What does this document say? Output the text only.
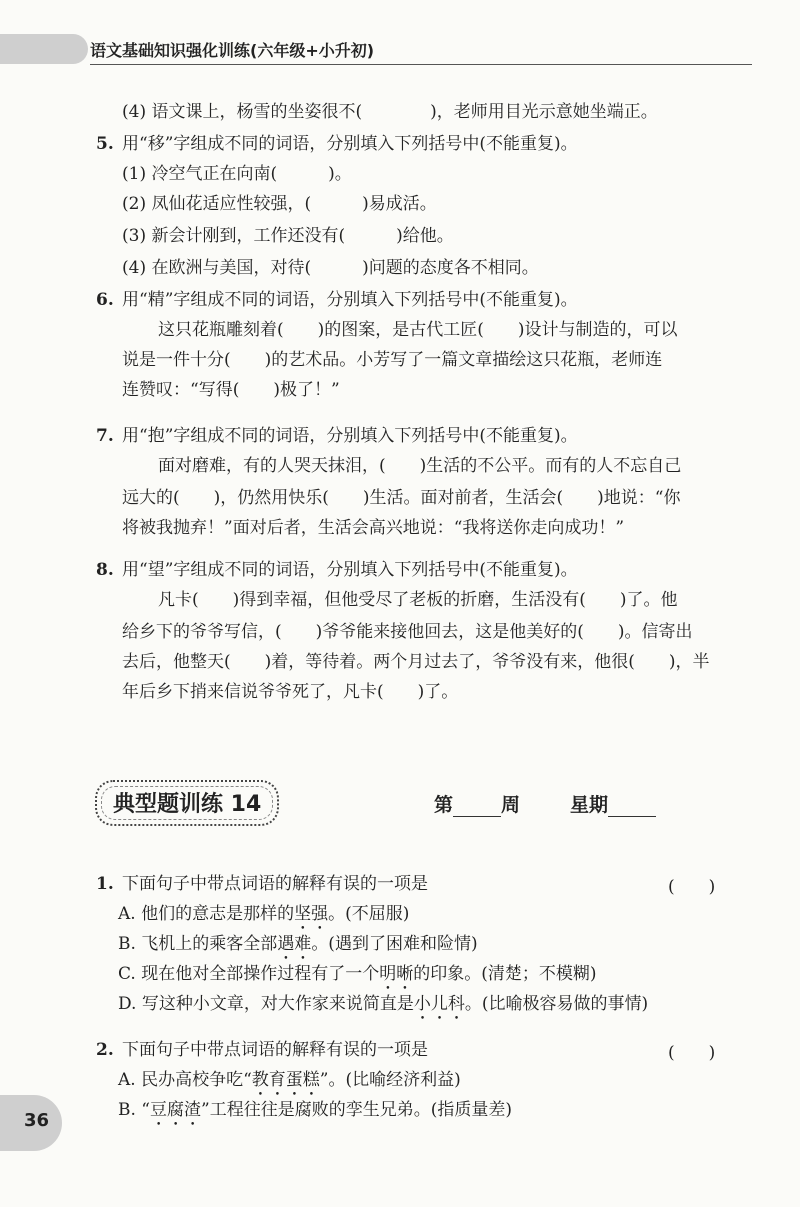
语文基础知识强化训练(六年级+小升初)
(4) 语文课上，杨雪的坐姿很不(　　　　)，老师用目光示意她坐端正。
5. 用“移”字组成不同的词语，分别填入下列括号中(不能重复)。
(1) 冷空气正在向南(　　　)。
(2) 凤仙花适应性较强，(　　　)易成活。
(3) 新会计刚到，工作还没有(　　　)给他。
(4) 在欧洲与美国，对待(　　　)问题的态度各不相同。
6. 用“精”字组成不同的词语，分别填入下列括号中(不能重复)。
这只花瓶雕刻着(　　)的图案，是古代工匠(　　)设计与制造的，可以
说是一件十分(　　)的艺术品。小芳写了一篇文章描绘这只花瓶，老师连
连赞叹：“写得(　　)极了！”
7. 用“抱”字组成不同的词语，分别填入下列括号中(不能重复)。
面对磨难，有的人哭天抹泪，(　　)生活的不公平。而有的人不忘自己
远大的(　　)，仍然用快乐(　　)生活。面对前者，生活会(　　)地说：“你
将被我抛弃！”面对后者，生活会高兴地说：“我将送你走向成功！”
8. 用“望”字组成不同的词语，分别填入下列括号中(不能重复)。
凡卡(　　)得到幸福，但他受尽了老板的折磨，生活没有(　　)了。他
给乡下的爷爷写信，(　　)爷爷能来接他回去，这是他美好的(　　)。信寄出
去后，他整天(　　)着，等待着。两个月过去了，爷爷没有来，他很(　　)，半
年后乡下捎来信说爷爷死了，凡卡(　　)了。
典型题训练 14	第	周	星期
1. 下面句子中带点词语的解释有误的一项是	(　　)
A. 他们的意志是那样的坚强。(不屈服)
B. 飞机上的乘客全部遇难。(遇到了困难和险情)
C. 现在他对全部操作过程有了一个明晰的印象。(清楚；不模糊)
D. 写这种小文章，对大作家来说简直是小儿科。(比喻极容易做的事情)
2. 下面句子中带点词语的解释有误的一项是	(　　)
A. 民办高校争吃“教育蛋糕”。(比喻经济利益)
B. “豆腐渣”工程往往是腐败的孪生兄弟。(指质量差)
36
